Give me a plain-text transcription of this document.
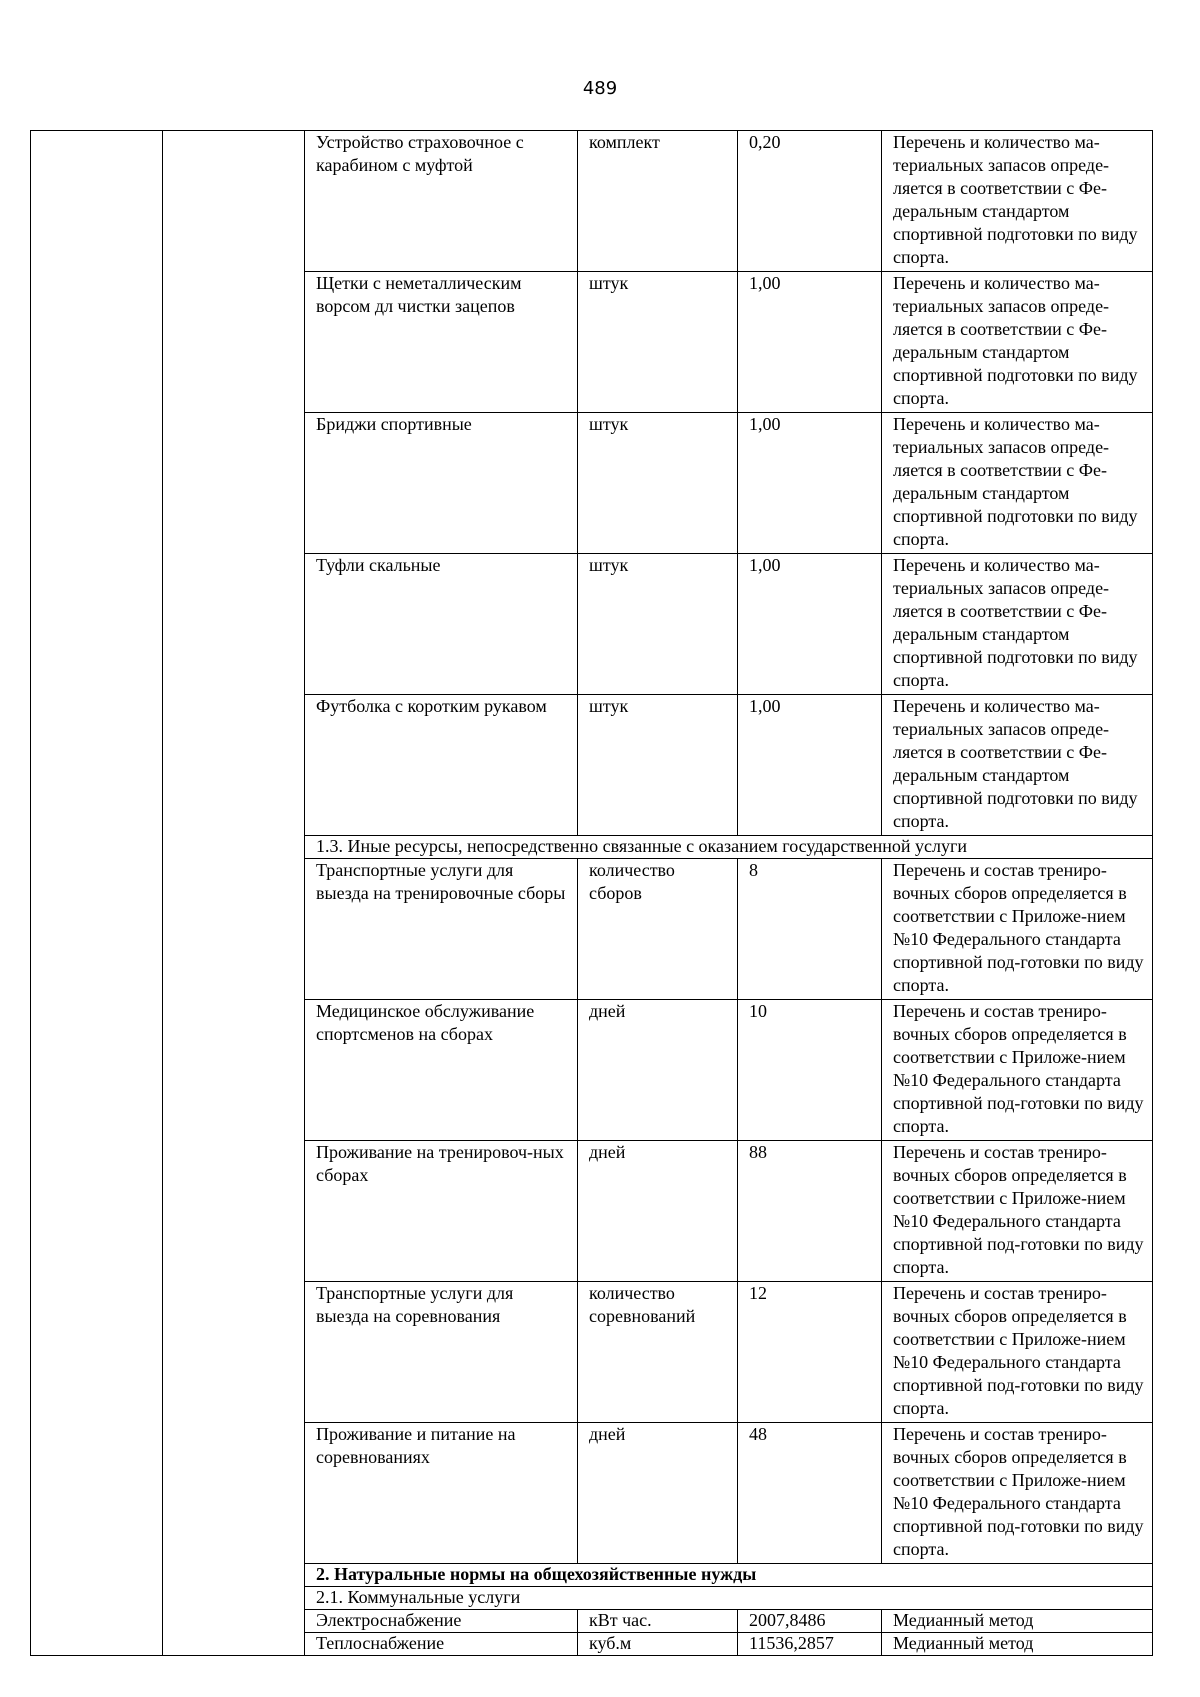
489
		Устройство страховочное с карабином с муфтой	комплект	0,20	Перечень и количество ма-териальных запасов опреде-ляется в соответствии с Фе-деральным стандартом спортивной подготовки по виду спорта.
		Щетки с неметаллическим ворсом дл чистки зацепов	штук	1,00	Перечень и количество ма-териальных запасов опреде-ляется в соответствии с Фе-деральным стандартом спортивной подготовки по виду спорта.
		Бриджи спортивные	штук	1,00	Перечень и количество ма-териальных запасов опреде-ляется в соответствии с Фе-деральным стандартом спортивной подготовки по виду спорта.
		Туфли скальные	штук	1,00	Перечень и количество ма-териальных запасов опреде-ляется в соответствии с Фе-деральным стандартом спортивной подготовки по виду спорта.
		Футболка с коротким рукавом	штук	1,00	Перечень и количество ма-териальных запасов опреде-ляется в соответствии с Фе-деральным стандартом спортивной подготовки по виду спорта.
		1.3. Иные ресурсы, непосредственно связанные с оказанием государственной услуги			
		Транспортные услуги для выезда на тренировочные сборы	количество сборов	8	Перечень и состав трениро-вочных сборов определяется в соответствии с Приложе-нием №10 Федерального стандарта спортивной под-готовки по виду спорта.
		Медицинское обслуживание спортсменов на сборах	дней	10	Перечень и состав трениро-вочных сборов определяется в соответствии с Приложе-нием №10 Федерального стандарта спортивной под-готовки по виду спорта.
		Проживание на тренировоч-ных сборах	дней	88	Перечень и состав трениро-вочных сборов определяется в соответствии с Приложе-нием №10 Федерального стандарта спортивной под-готовки по виду спорта.
		Транспортные услуги для выезда на соревнования	количество соревнований	12	Перечень и состав трениро-вочных сборов определяется в соответствии с Приложе-нием №10 Федерального стандарта спортивной под-готовки по виду спорта.
		Проживание и питание на соревнованиях	дней	48	Перечень и состав трениро-вочных сборов определяется в соответствии с Приложе-нием №10 Федерального стандарта спортивной под-готовки по виду спорта.
		2. Натуральные нормы на общехозяйственные нужды			
		2.1. Коммунальные услуги			
		Электроснабжение	кВт час.	2007,8486	Медианный метод
		Теплоснабжение	куб.м	11536,2857	Медианный метод
